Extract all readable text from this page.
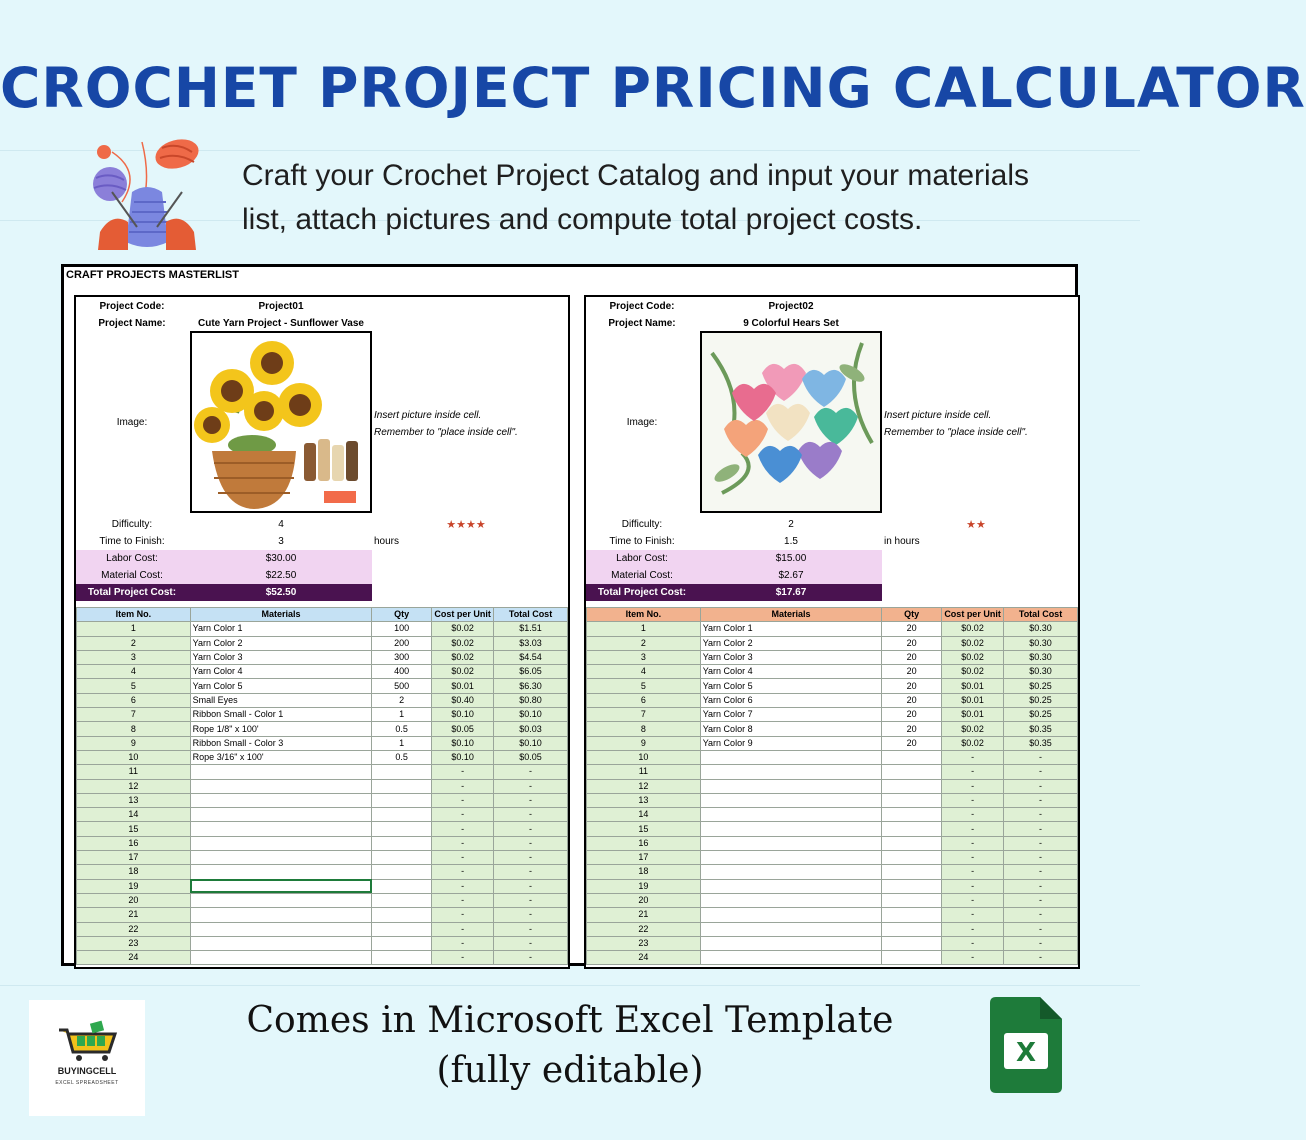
CROCHET PROJECT PRICING CALCULATOR
Craft your Crochet Project Catalog and input your materials
list, attach pictures and compute total project costs.
CRAFT PROJECTS MASTERLIST
Project Code:	Project01
Project Name:	Cute Yarn Project - Sunflower Vase
Image:
Insert picture inside cell.
Remember to "place inside cell".
Difficulty:	4	★★★★
Time to Finish:	3	hours
Labor Cost:	$30.00
Material Cost:	$22.50
Total Project Cost:	$52.50
Item No.	Materials	Qty	Cost per Unit	Total Cost
1	Yarn Color 1	100	$0.02	$1.51
2	Yarn Color 2	200	$0.02	$3.03
3	Yarn Color 3	300	$0.02	$4.54
4	Yarn Color 4	400	$0.02	$6.05
5	Yarn Color 5	500	$0.01	$6.30
6	Small Eyes	2	$0.40	$0.80
7	Ribbon Small - Color 1	1	$0.10	$0.10
8	Rope 1/8" x 100'	0.5	$0.05	$0.03
9	Ribbon Small - Color 3	1	$0.10	$0.10
10	Rope 3/16" x 100'	0.5	$0.10	$0.05
11			-	-
12			-	-
13			-	-
14			-	-
15			-	-
16			-	-
17			-	-
18			-	-
19			-	-
20			-	-
21			-	-
22			-	-
23			-	-
24			-	-
Project Code:	Project02
Project Name:	9 Colorful Hears Set
Image:
Insert picture inside cell.
Remember to "place inside cell".
Difficulty:	2	★★
Time to Finish:	1.5	in hours
Labor Cost:	$15.00
Material Cost:	$2.67
Total Project Cost:	$17.67
Item No.	Materials	Qty	Cost per Unit	Total Cost
1	Yarn Color 1	20	$0.02	$0.30
2	Yarn Color 2	20	$0.02	$0.30
3	Yarn Color 3	20	$0.02	$0.30
4	Yarn Color 4	20	$0.02	$0.30
5	Yarn Color 5	20	$0.01	$0.25
6	Yarn Color 6	20	$0.01	$0.25
7	Yarn Color 7	20	$0.01	$0.25
8	Yarn Color 8	20	$0.02	$0.35
9	Yarn Color 9	20	$0.02	$0.35
10			-	-
11			-	-
12			-	-
13			-	-
14			-	-
15			-	-
16			-	-
17			-	-
18			-	-
19			-	-
20			-	-
21			-	-
22			-	-
23			-	-
24			-	-
BUYINGCELL
EXCEL SPREADSHEET
Comes in Microsoft Excel Template
(fully editable)	X
